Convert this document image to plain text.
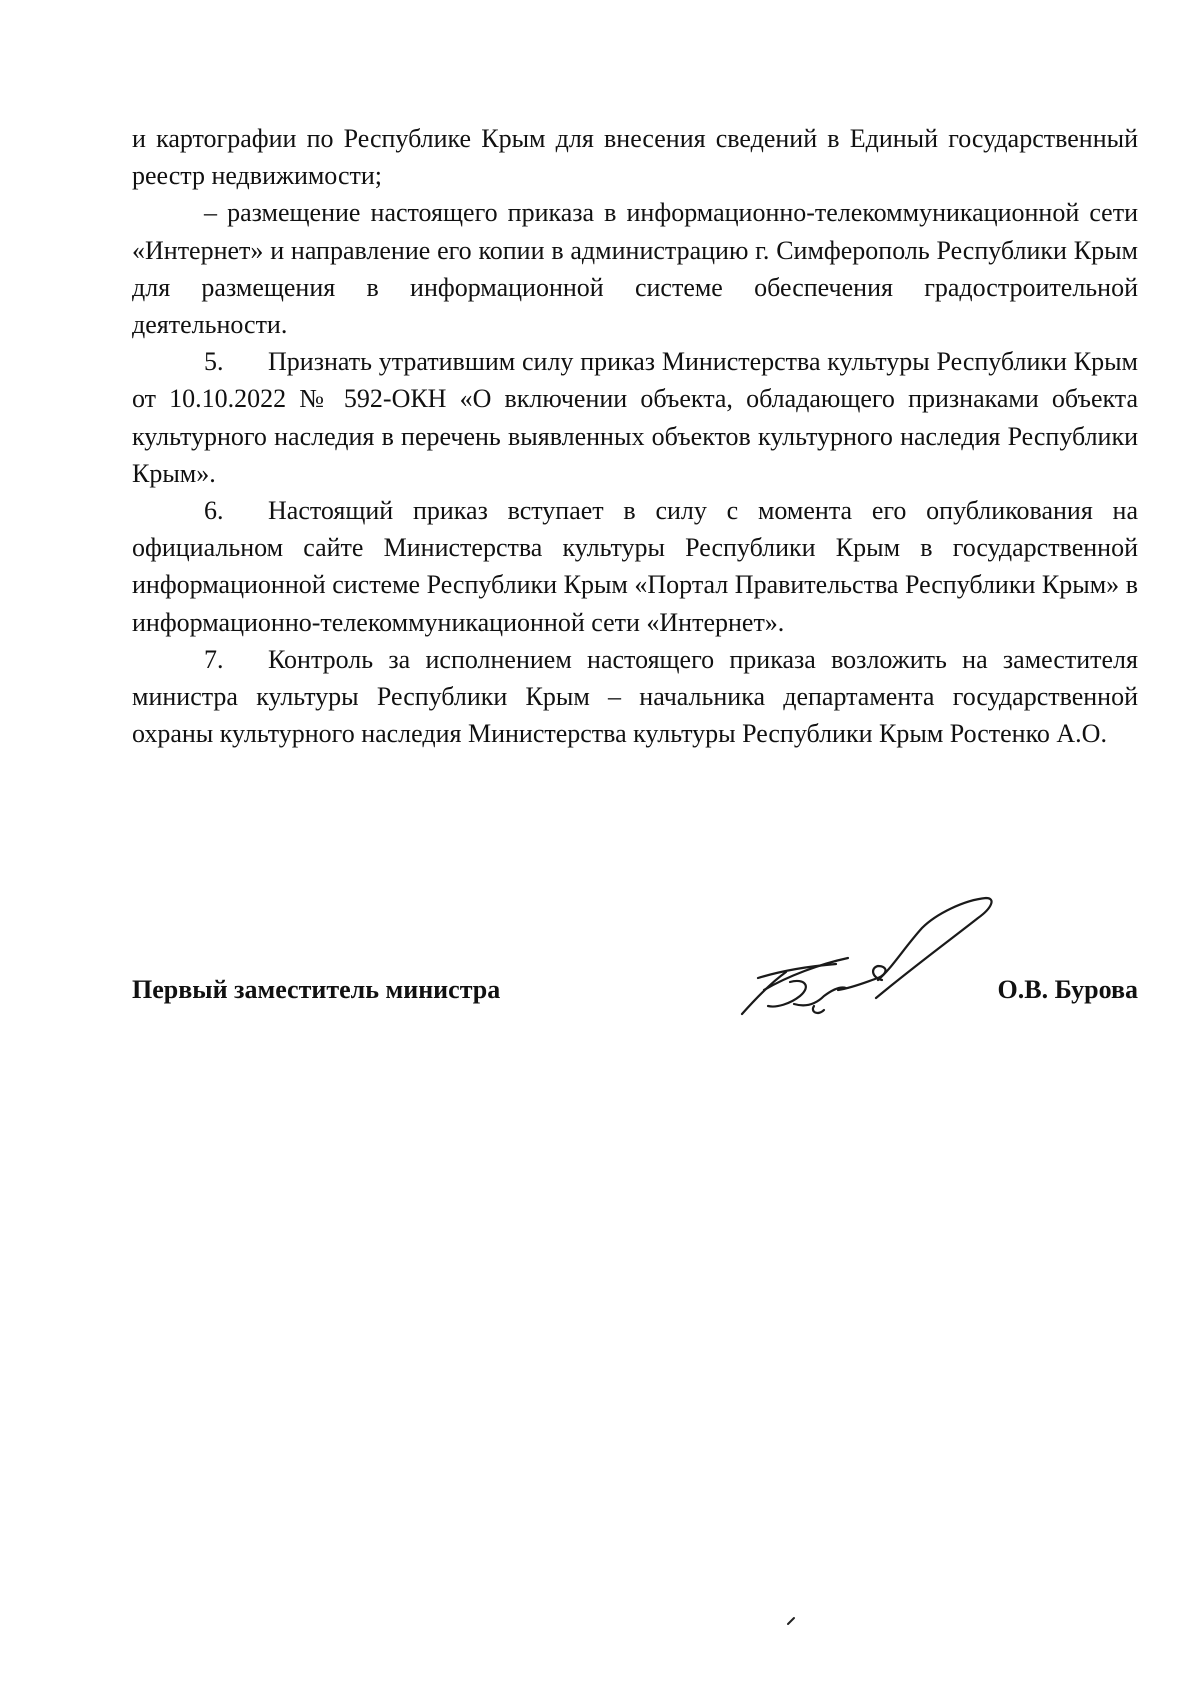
и картографии по Республике Крым для внесения сведений в Единый государственный реестр недвижимости;

– размещение настоящего приказа в информационно-телекоммуникационной сети «Интернет» и направление его копии в администрацию г. Симферополь Республики Крым для размещения в информационной системе обеспечения градостроительной деятельности.

5. Признать утратившим силу приказ Министерства культуры Республики Крым от 10.10.2022 № 592-ОКН «О включении объекта, обладающего признаками объекта культурного наследия в перечень выявленных объектов культурного наследия Республики Крым».

6. Настоящий приказ вступает в силу с момента его опубликования на официальном сайте Министерства культуры Республики Крым в государственной информационной системе Республики Крым «Портал Правительства Республики Крым» в информационно-телекоммуникационной сети «Интернет».

7. Контроль за исполнением настоящего приказа возложить на заместителя министра культуры Республики Крым – начальника департамента государственной охраны культурного наследия Министерства культуры Республики Крым Ростенко А.О.

Первый заместитель министра	О.В. Бурова
